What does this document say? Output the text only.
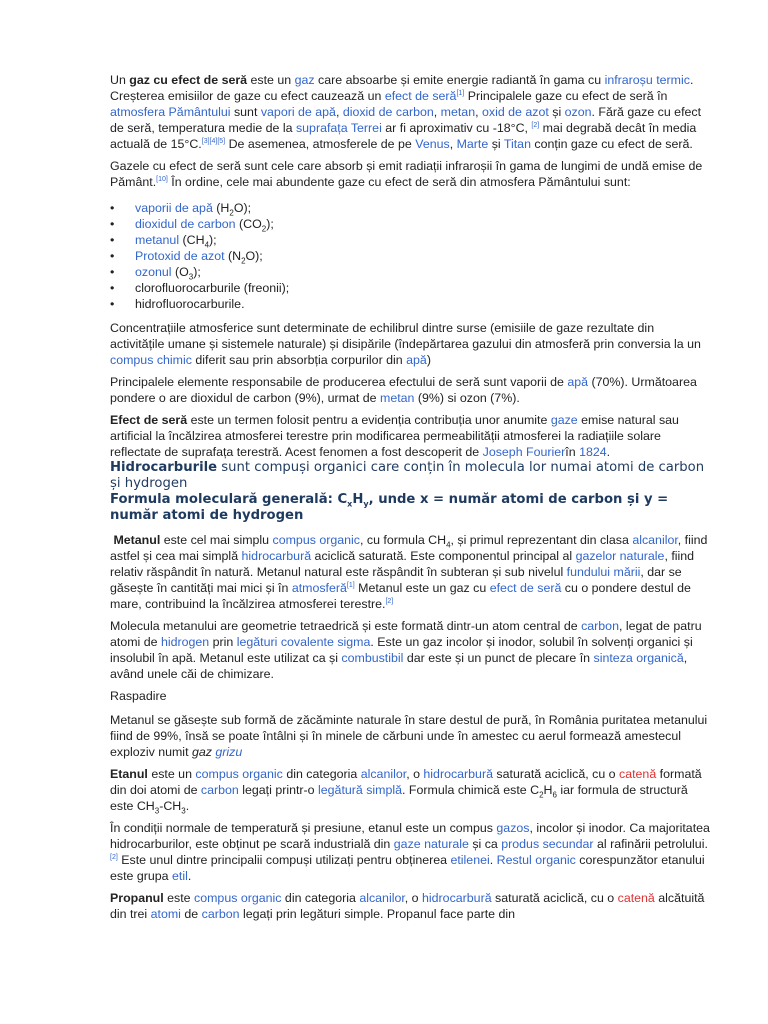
Un gaz cu efect de seră este un gaz care absoarbe și emite energie radiantă în gama cu infraroșu termic. Creșterea emisiilor de gaze cu efect cauzează un efect de seră[1] Principalele gaze cu efect de seră în atmosfera Pământului sunt vapori de apă, dioxid de carbon, metan, oxid de azot și ozon. Fără gaze cu efect de seră, temperatura medie de la suprafața Terrei ar fi aproximativ cu -18°C, [2] mai degrabă decât în media actuală de 15°C.[3][4][5] De asemenea, atmosferele de pe Venus, Marte și Titan conțin gaze cu efect de seră.

Gazele cu efect de seră sunt cele care absorb și emit radiații infraroșii în gama de lungimi de undă emise de Pământ.[10] În ordine, cele mai abundente gaze cu efect de seră din atmosfera Pământului sunt:

• vaporii de apă $(H_2O)$;
• dioxidul de carbon $(CO_2)$;
• metanul $(CH_4)$;
• Protoxid de azot $(N_2O)$;
• ozonul $(O_3)$;
• clorofluorocarburile (freonii);
• hidrofluorocarburile.

Concentrațiile atmosferice sunt determinate de echilibrul dintre surse (emisiile de gaze rezultate din activitățile umane și sistemele naturale) și disipările (îndepărtarea gazului din atmosferă prin conversia la un compus chimic diferit sau prin absorbția corpurilor din apă)

Principalele elemente responsabile de producerea efectului de seră sunt vaporii de apă (70%). Următoarea pondere o are dioxidul de carbon (9%), urmat de metan (9%) si ozon (7%).

Efect de seră este un termen folosit pentru a evidenția contribuția unor anumite gaze emise natural sau artificial la încălzirea atmosferei terestre prin modificarea permeabilității atmosferei la radiațiile solare reflectate de suprafața terestră. Acest fenomen a fost descoperit de Joseph Fourierîn 1824.

Hidrocarburile sunt compuși organici care conțin în molecula lor numai atomi de carbon și hydrogen

Formula moleculară generală: $C_xH_y$, unde x = număr atomi de carbon și y = număr atomi de hydrogen

Metanul este cel mai simplu compus organic, cu formula $CH_4$, și primul reprezentant din clasa alcanilor, fiind astfel și cea mai simplă hidrocarbură aciclică saturată. Este componentul principal al gazelor naturale, fiind relativ răspândit în natură. Metanul natural este răspândit în subteran și sub nivelul fundului mării, dar se găsește în cantități mai mici și în atmosferă[1] Metanul este un gaz cu efect de seră cu o pondere destul de mare, contribuind la încălzirea atmosferei terestre.[2]

Molecula metanului are geometrie tetraedrică și este formată dintr-un atom central de carbon, legat de patru atomi de hidrogen prin legături covalente sigma. Este un gaz incolor și inodor, solubil în solvenți organici și insolubil în apă. Metanul este utilizat ca și combustibil dar este și un punct de plecare în sinteza organică, având unele căi de chimizare.

Raspadire

Metanul se găsește sub formă de zăcăminte naturale în stare destul de pură, în România puritatea metanului fiind de 99%, însă se poate întâlni și în minele de cărbuni unde în amestec cu aerul formează amestecul exploziv numit gaz grizu

Etanul este un compus organic din categoria alcanilor, o hidrocarbură saturată aciclică, cu o catenă formată din doi atomi de carbon legați printr-o legătură simplă. Formula chimică este $C_2H_6$ iar formula de structură este $CH_3-CH_3$.

În condiții normale de temperatură și presiune, etanul este un compus gazos, incolor și inodor. Ca majoritatea hidrocarburilor, este obținut pe scară industrială din gaze naturale și ca produs secundar al rafinării petrolului.[2] Este unul dintre principalii compuși utilizați pentru obținerea etilenei. Restul organic corespunzător etanului este grupa etil.

Propanul este compus organic din categoria alcanilor, o hidrocarbură saturată aciclică, cu o catenă alcătuită din trei atomi de carbon legați prin legături simple. Propanul face parte din
